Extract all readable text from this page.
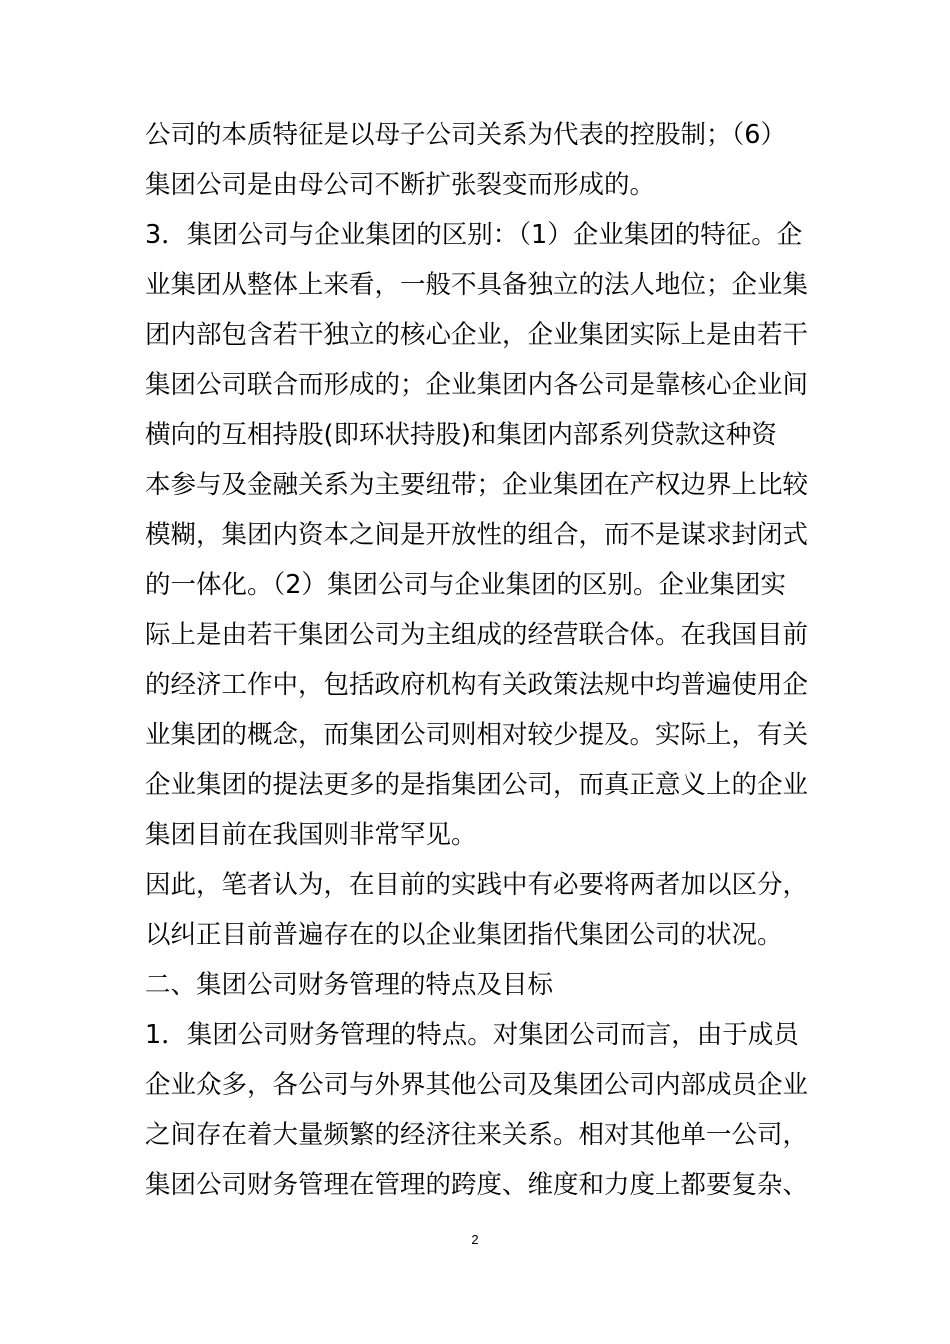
公司的本质特征是以母子公司关系为代表的控股制；（6）
集团公司是由母公司不断扩张裂变而形成的。
3．集团公司与企业集团的区别：（1）企业集团的特征。企
业集团从整体上来看，一般不具备独立的法人地位；企业集
团内部包含若干独立的核心企业，企业集团实际上是由若干
集团公司联合而形成的；企业集团内各公司是靠核心企业间
横向的互相持股(即环状持股)和集团内部系列贷款这种资
本参与及金融关系为主要纽带；企业集团在产权边界上比较
模糊，集团内资本之间是开放性的组合，而不是谋求封闭式
的一体化。（2）集团公司与企业集团的区别。企业集团实
际上是由若干集团公司为主组成的经营联合体。在我国目前
的经济工作中，包括政府机构有关政策法规中均普遍使用企
业集团的概念，而集团公司则相对较少提及。实际上，有关
企业集团的提法更多的是指集团公司，而真正意义上的企业
集团目前在我国则非常罕见。
因此，笔者认为，在目前的实践中有必要将两者加以区分，
以纠正目前普遍存在的以企业集团指代集团公司的状况。
二、集团公司财务管理的特点及目标
1．集团公司财务管理的特点。对集团公司而言，由于成员
企业众多，各公司与外界其他公司及集团公司内部成员企业
之间存在着大量频繁的经济往来关系。相对其他单一公司，
集团公司财务管理在管理的跨度、维度和力度上都要复杂、
2
